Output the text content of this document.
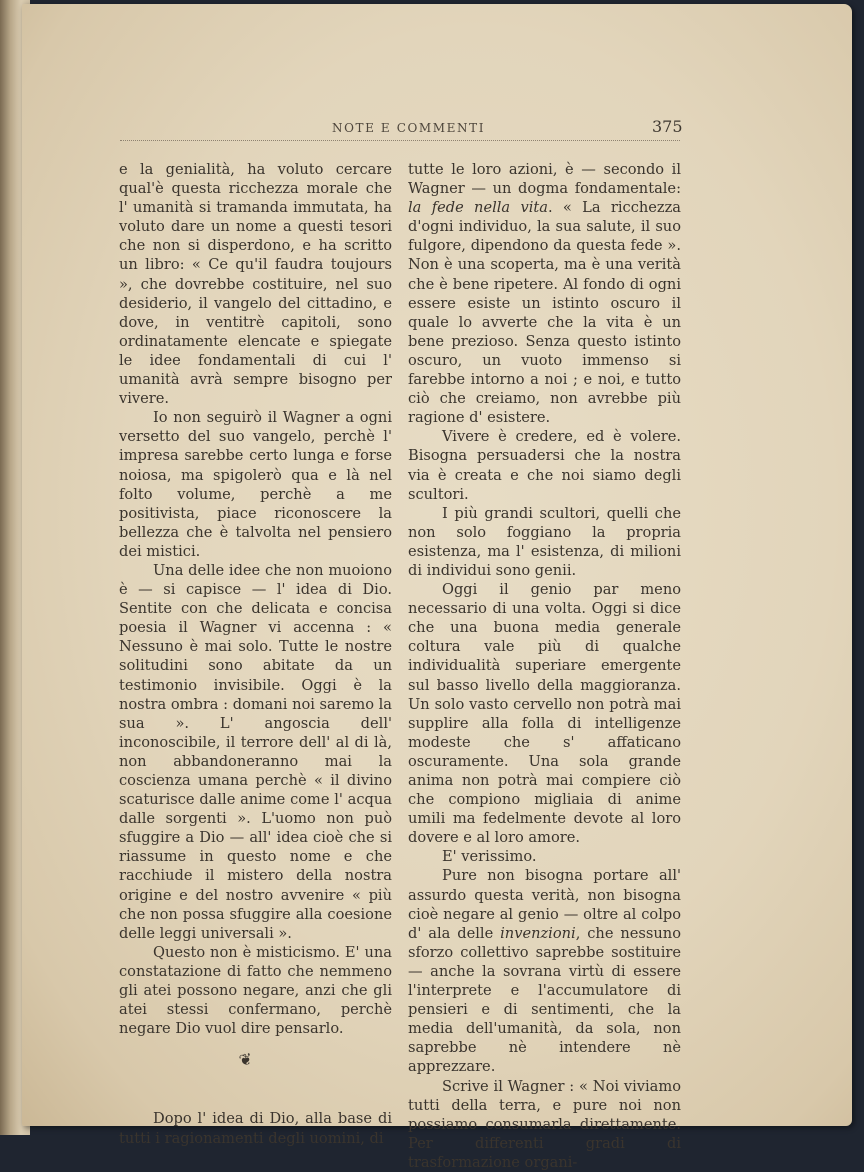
NOTE E COMMENTI	375

e la genialità, ha voluto cercare qual'è questa ricchezza morale che l' umanità si tramanda immutata, ha voluto dare un nome a questi tesori che non si disperdono, e ha scritto un libro: « Ce qu'il faudra toujours », che dovrebbe costituire, nel suo desiderio, il vangelo del cittadino, e dove, in ventitrè capitoli, sono ordinatamente elencate e spiegate le idee fondamentali di cui l' umanità avrà sempre bisogno per vivere.

Io non seguirò il Wagner a ogni versetto del suo vangelo, perchè l' impresa sarebbe certo lunga e forse noiosa, ma spigolerò qua e là nel folto volume, perchè a me positivista, piace riconoscere la bellezza che è talvolta nel pensiero dei mistici.

Una delle idee che non muoiono è — si capisce — l' idea di Dio. Sentite con che delicata e concisa poesia il Wagner vi accenna : « Nessuno è mai solo. Tutte le nostre solitudini sono abitate da un testimonio invisibile. Oggi è la nostra ombra : domani noi saremo la sua ». L' angoscia dell' inconoscibile, il terrore dell' al di là, non abbandoneranno mai la coscienza umana perchè « il divino scaturisce dalle anime come l' acqua dalle sorgenti ». L'uomo non può sfuggire a Dio — all' idea cioè che si riassume in questo nome e che racchiude il mistero della nostra origine e del nostro avvenire « più che non possa sfuggire alla coesione delle leggi universali ».

Questo non è misticismo. E' una constatazione di fatto che nemmeno gli atei possono negare, anzi che gli atei stessi confermano, perchè negare Dio vuol dire pensarlo.

❦

Dopo l' idea di Dio, alla base di tutti i ragionamenti degli uomini, di

tutte le loro azioni, è — secondo il Wagner — un dogma fondamentale: la fede nella vita. « La ricchezza d'ogni individuo, la sua salute, il suo fulgore, dipendono da questa fede ». Non è una scoperta, ma è una verità che è bene ripetere. Al fondo di ogni essere esiste un istinto oscuro il quale lo avverte che la vita è un bene prezioso. Senza questo istinto oscuro, un vuoto immenso si farebbe intorno a noi ; e noi, e tutto ciò che creiamo, non avrebbe più ragione d' esistere.

Vivere è credere, ed è volere. Bisogna persuadersi che la nostra via è creata e che noi siamo degli scultori.

I più grandi scultori, quelli che non solo foggiano la propria esistenza, ma l' esistenza, di milioni di individui sono genii.

Oggi il genio par meno necessario di una volta. Oggi si dice che una buona media generale coltura vale più di qualche individualità superiare emergente sul basso livello della maggioranza. Un solo vasto cervello non potrà mai supplire alla folla di intelligenze modeste che s' affaticano oscuramente. Una sola grande anima non potrà mai compiere ciò che compiono migliaia di anime umili ma fedelmente devote al loro dovere e al loro amore.

E' verissimo.

Pure non bisogna portare all' assurdo questa verità, non bisogna cioè negare al genio — oltre al colpo d' ala delle invenzioni, che nessuno sforzo collettivo saprebbe sostituire — anche la sovrana virtù di essere l'interprete e l'accumulatore di pensieri e di sentimenti, che la media dell'umanità, da sola, non saprebbe nè intendere nè apprezzare.

Scrive il Wagner : « Noi viviamo tutti della terra, e pure noi non possiamo consumarla direttamente. Per differenti gradi di trasformazione organi-
